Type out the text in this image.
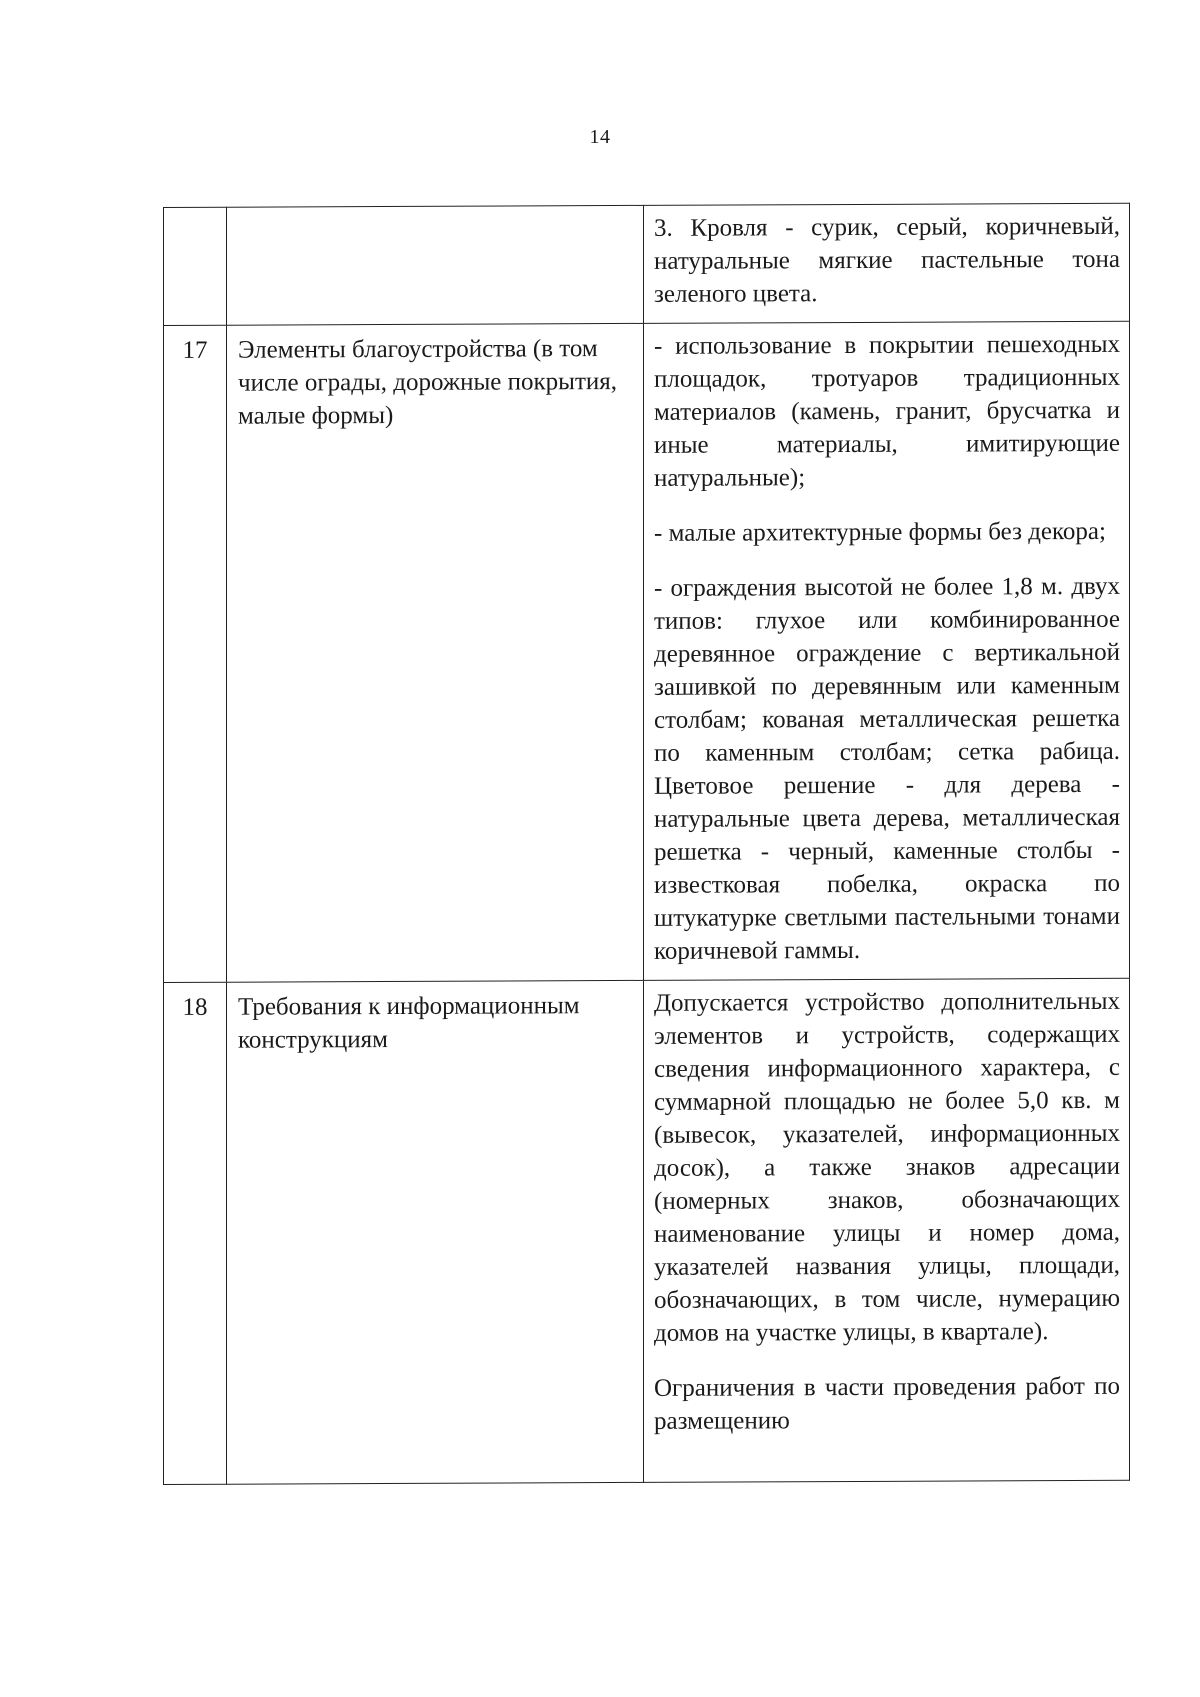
14

		3. Кровля - сурик, серый, коричневый, натуральные мягкие пастельные тона зеленого цвета.

17	Элементы благоустройства (в том числе ограды, дорожные покрытия, малые формы)	- использование в покрытии пешеходных площадок, тротуаров традиционных материалов (камень, гранит, брусчатка и иные материалы, имитирующие натуральные);

- малые архитектурные формы без декора;

- ограждения высотой не более 1,8 м. двух типов: глухое или комбинированное деревянное ограждение с вертикальной зашивкой по деревянным или каменным столбам; кованая металлическая решетка по каменным столбам; сетка рабица. Цветовое решение - для дерева - натуральные цвета дерева, металлическая решетка - черный, каменные столбы - известковая побелка, окраска по штукатурке светлыми пастельными тонами коричневой гаммы.

18	Требования к информационным конструкциям	Допускается устройство дополнительных элементов и устройств, содержащих сведения информационного характера, с суммарной площадью не более 5,0 кв. м (вывесок, указателей, информационных досок), а также знаков адресации (номерных знаков, обозначающих наименование улицы и номер дома, указателей названия улицы, площади, обозначающих, в том числе, нумерацию домов на участке улицы, в квартале).

Ограничения в части проведения работ по размещению
